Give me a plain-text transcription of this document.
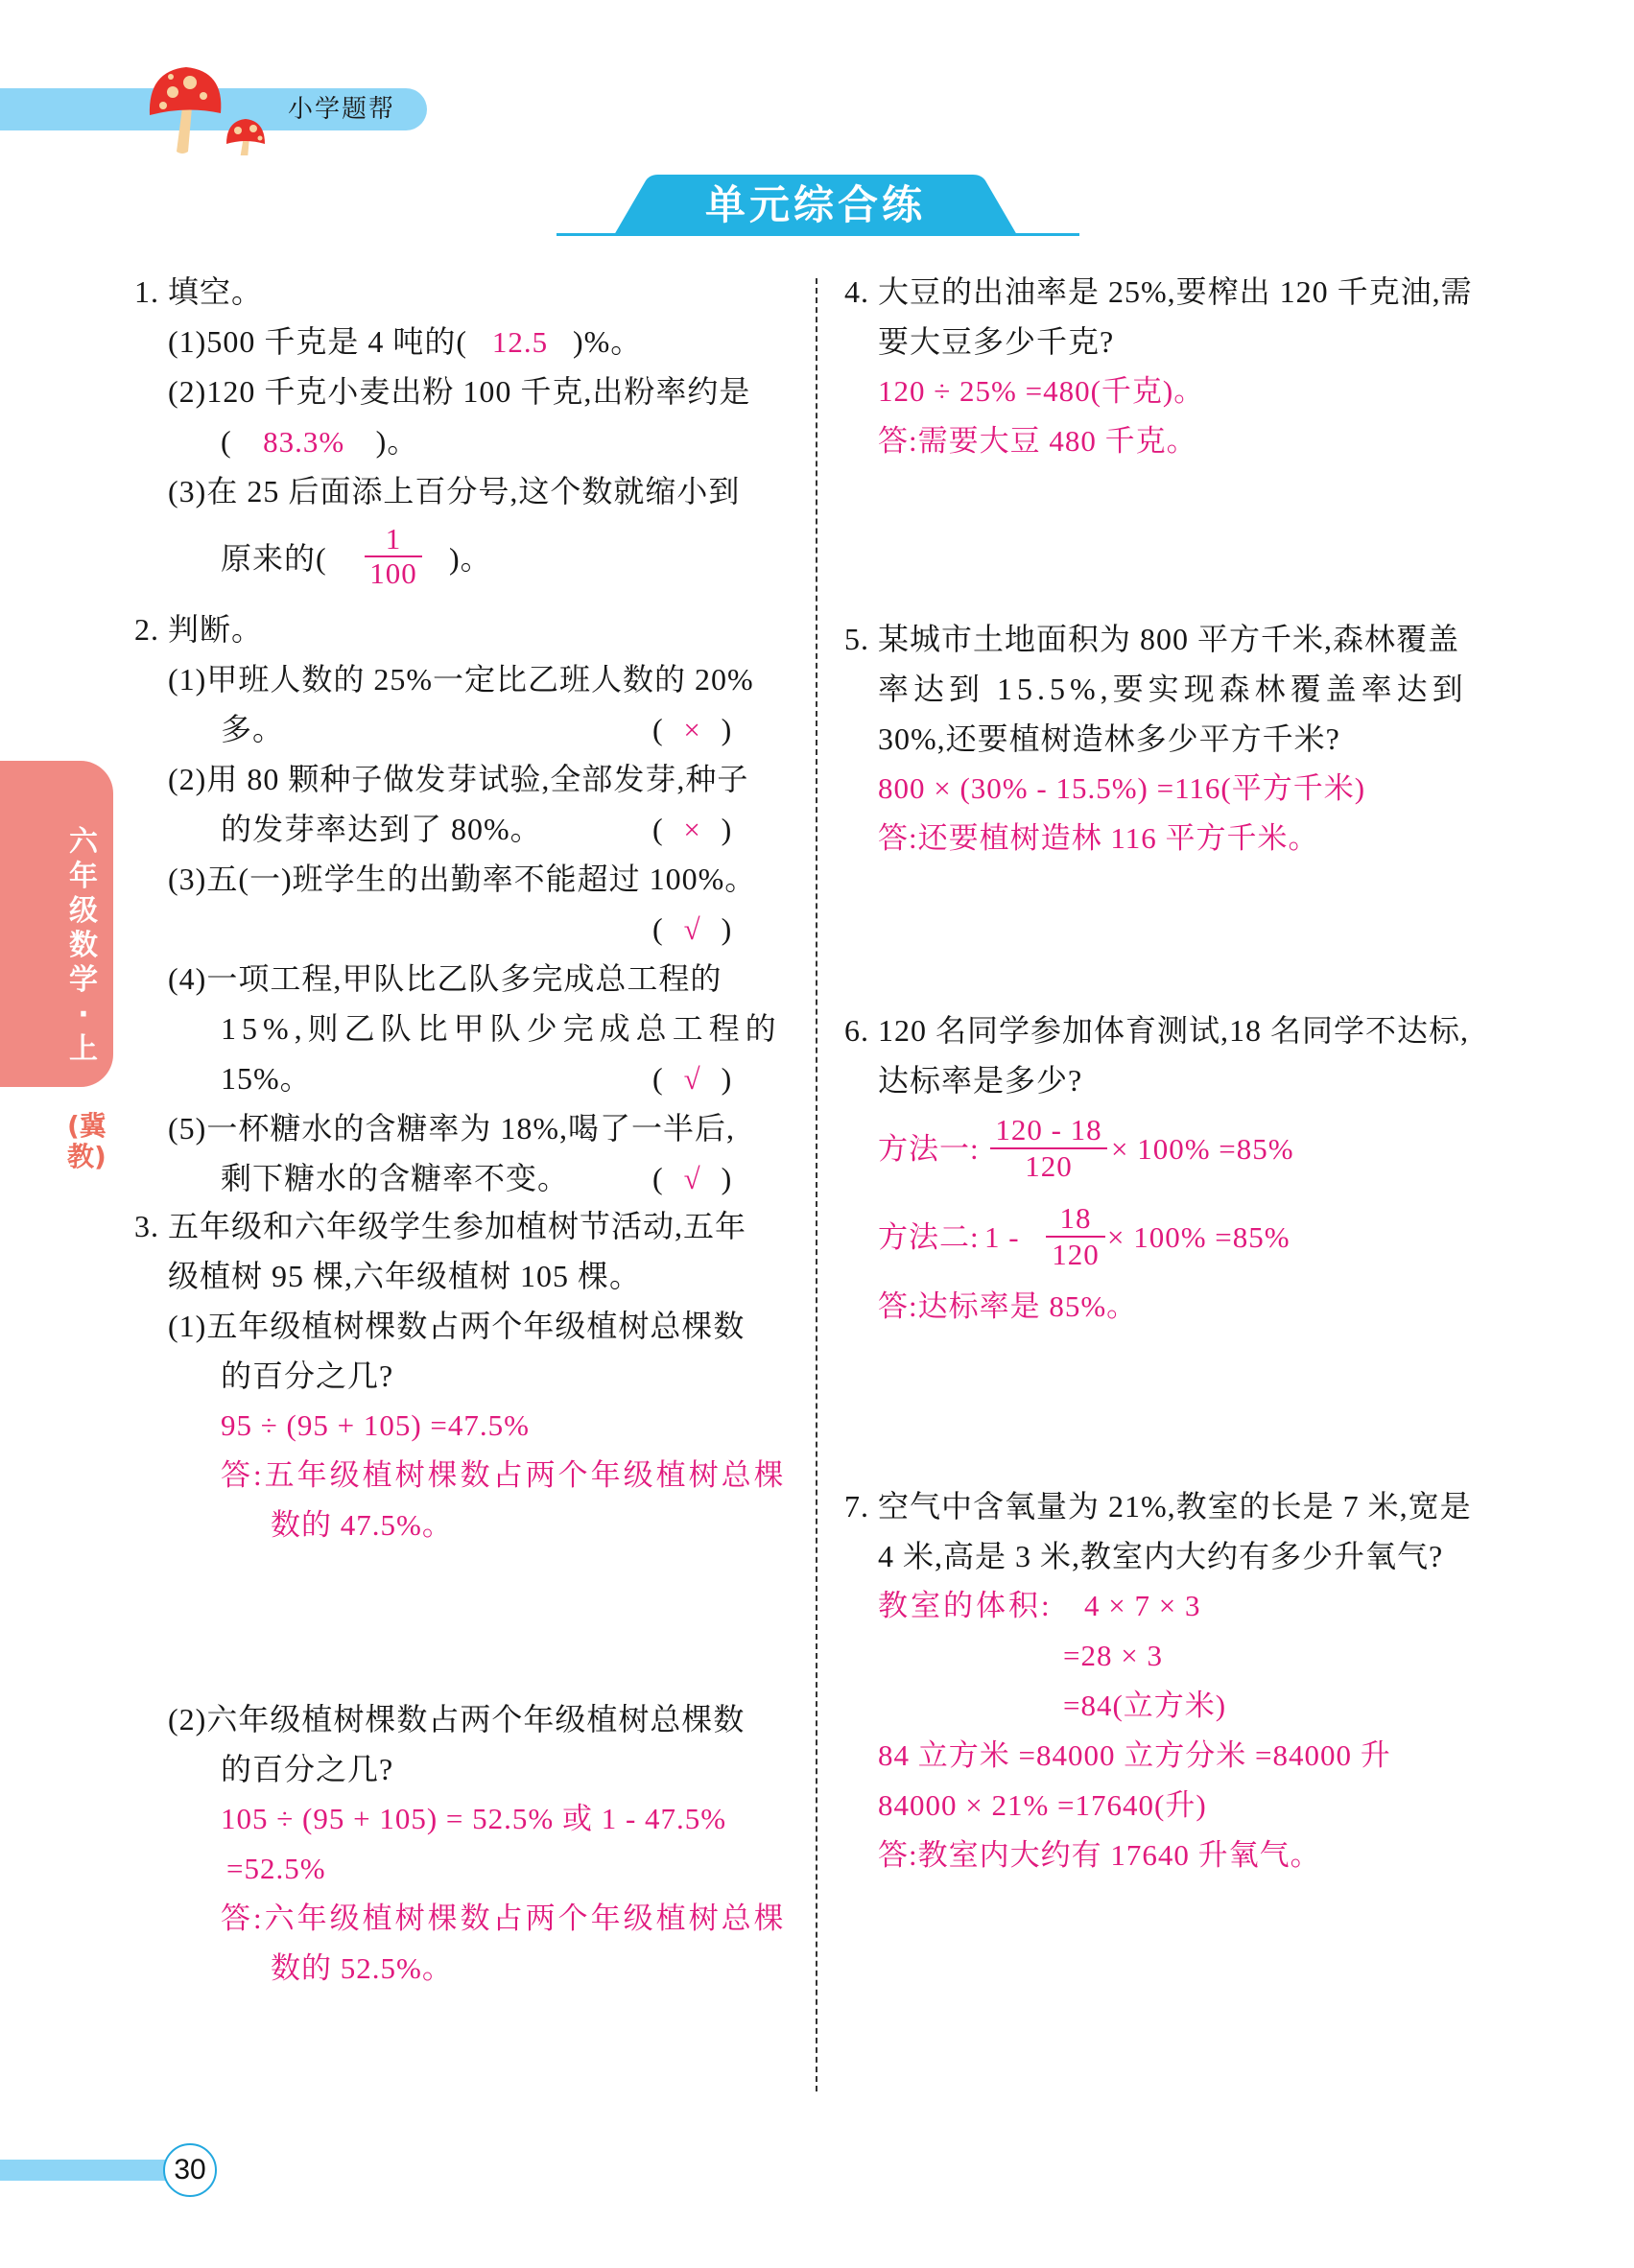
小学题帮
单元综合练
六年级数学·上
(冀教)
1. 填空。
(1)500 千克是 4 吨的( 12.5 )%。
(2)120 千克小麦出粉 100 千克,出粉率约是
( 83.3% )。
(3)在 25 后面添上百分号,这个数就缩小到
原来的( $\frac{1}{100}$ )。
2. 判断。
(1)甲班人数的 25%一定比乙班人数的 20%
多。	( × )
(2)用 80 颗种子做发芽试验,全部发芽,种子
的发芽率达到了 80%。	( × )
(3)五(一)班学生的出勤率不能超过 100%。
( √ )
(4)一项工程,甲队比乙队多完成总工程的
15%,则乙队比甲队少完成总工程的
15%。	( √ )
(5)一杯糖水的含糖率为 18%,喝了一半后,
剩下糖水的含糖率不变。	( √ )
3. 五年级和六年级学生参加植树节活动,五年
级植树 95 棵,六年级植树 105 棵。
(1)五年级植树棵数占两个年级植树总棵数
的百分之几?
95 ÷ (95 + 105) =47.5%
答:五年级植树棵数占两个年级植树总棵
数的 47.5%。
(2)六年级植树棵数占两个年级植树总棵数
的百分之几?
105 ÷ (95 + 105) = 52.5% 或 1 - 47.5%
=52.5%
答:六年级植树棵数占两个年级植树总棵
数的 52.5%。
4. 大豆的出油率是 25%,要榨出 120 千克油,需
要大豆多少千克?
120 ÷ 25% =480(千克)。
答:需要大豆 480 千克。
5. 某城市土地面积为 800 平方千米,森林覆盖
率达到 15.5%,要实现森林覆盖率达到
30%,还要植树造林多少平方千米?
800 × (30% - 15.5%) =116(平方千米)
答:还要植树造林 116 平方千米。
6. 120 名同学参加体育测试,18 名同学不达标,
达标率是多少?
方法一: $\frac{120 - 18}{120} \times 100\% =85\%$
方法二: $1 - \frac{18}{120} \times 100\% =85\%$
答:达标率是 85%。
7. 空气中含氧量为 21%,教室的长是 7 米,宽是
4 米,高是 3 米,教室内大约有多少升氧气?
教室的体积: 4 × 7 × 3
=28 × 3
=84(立方米)
84 立方米 =84000 立方分米 =84000 升
84000 × 21% =17640(升)
答:教室内大约有 17640 升氧气。
30
